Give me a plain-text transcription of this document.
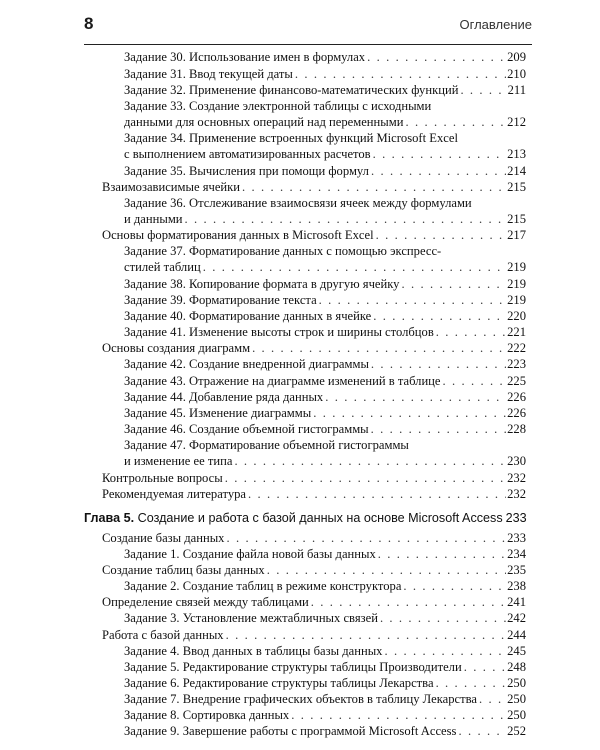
8	Оглавление
Задание 30. Использование имен в формулах . . .	209
Задание 31. Ввод текущей даты . . .	210
Задание 32. Применение финансово-математических функций . . .	211
Задание 33. Создание электронной таблицы с исходными
данными для основных операций над переменными . . .	212
Задание 34. Применение встроенных функций Microsoft Excel
с выполнением автоматизированных расчетов . . .	213
Задание 35. Вычисления при помощи формул . . .	214
Взаимозависимые ячейки . . .	215
Задание 36. Отслеживание взаимосвязи ячеек между формулами
и данными . . .	215
Основы форматирования данных в Microsoft Excel . . .	217
Задание 37. Форматирование данных с помощью экспресс-
стилей таблиц . . .	219
Задание 38. Копирование формата в другую ячейку . . .	219
Задание 39. Форматирование текста . . .	219
Задание 40. Форматирование данных в ячейке . . .	220
Задание 41. Изменение высоты строк и ширины столбцов . . .	221
Основы создания диаграмм . . .	222
Задание 42. Создание внедренной диаграммы . . .	223
Задание 43. Отражение на диаграмме изменений в таблице . . .	225
Задание 44. Добавление ряда данных . . .	226
Задание 45. Изменение диаграммы . . .	226
Задание 46. Создание объемной гистограммы . . .	228
Задание 47. Форматирование объемной гистограммы
и изменение ее типа . . .	230
Контрольные вопросы . . .	232
Рекомендуемая литература . . .	232
Глава 5. Создание и работа с базой данных на основе Microsoft Access 233
Создание базы данных . . .	233
Задание 1. Создание файла новой базы данных . . .	234
Создание таблиц базы данных . . .	235
Задание 2. Создание таблиц в режиме конструктора . . .	238
Определение связей между таблицами . . .	241
Задание 3. Установление межтабличных связей . . .	242
Работа с базой данных . . .	244
Задание 4. Ввод данных в таблицы базы данных . . .	245
Задание 5. Редактирование структуры таблицы Производители . . .	248
Задание 6. Редактирование структуры таблицы Лекарства . . .	250
Задание 7. Внедрение графических объектов в таблицу Лекарства . . . 250
Задание 8. Сортировка данных . . .	250
Задание 9. Завершение работы с программой Microsoft Access . . .	252
